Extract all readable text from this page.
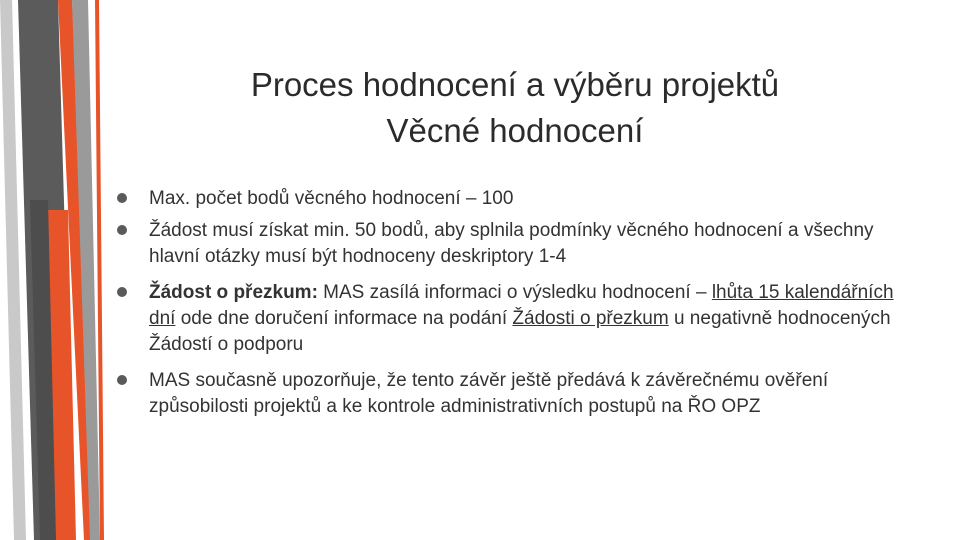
Proces hodnocení a výběru projektů
Věcné hodnocení
Max. počet bodů věcného hodnocení – 100
Žádost musí získat min. 50 bodů, aby splnila podmínky věcného hodnocení a všechny hlavní otázky musí být hodnoceny deskriptory 1-4
Žádost o přezkum: MAS zasílá informaci o výsledku hodnocení – lhůta 15 kalendářních dní ode dne doručení informace na podání Žádosti o přezkum u negativně hodnocených Žádostí o podporu
MAS současně upozorňuje, že tento závěr ještě předává k závěrečnému ověření způsobilosti projektů a ke kontrole administrativních postupů na ŘO OPZ
